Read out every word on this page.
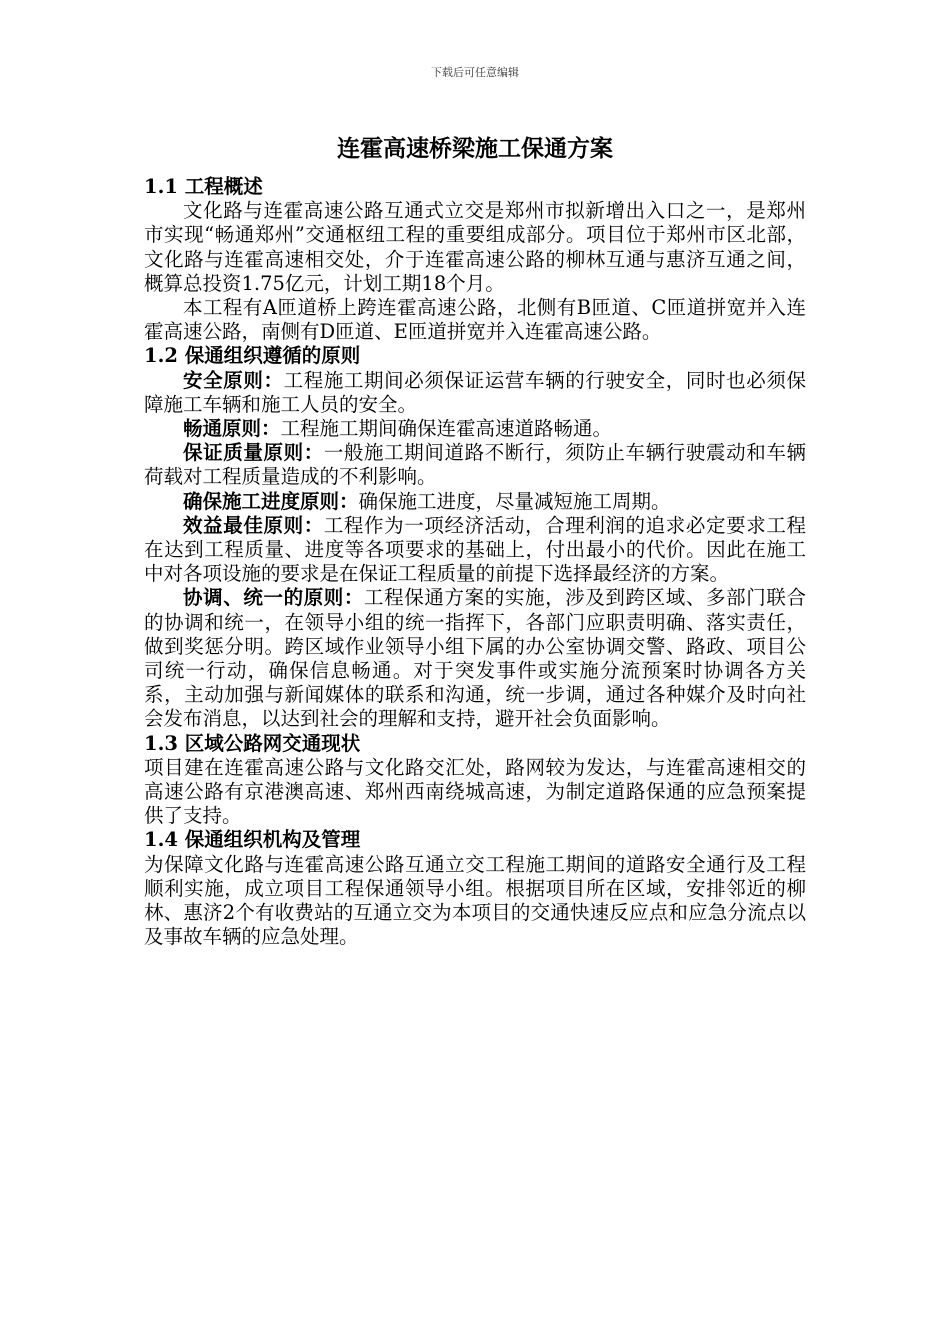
下载后可任意编辑
连霍高速桥梁施工保通方案
1.1 工程概述

文化路与连霍高速公路互通式立交是郑州市拟新增出入口之一，是郑州市实现“畅通郑州”交通枢纽工程的重要组成部分。项目位于郑州市区北部，文化路与连霍高速相交处，介于连霍高速公路的柳林互通与惠济互通之间，概算总投资1.75亿元，计划工期18个月。

本工程有A匝道桥上跨连霍高速公路，北侧有B匝道、C匝道拼宽并入连霍高速公路，南侧有D匝道、E匝道拼宽并入连霍高速公路。

1.2 保通组织遵循的原则

安全原则：工程施工期间必须保证运营车辆的行驶安全，同时也必须保障施工车辆和施工人员的安全。

畅通原则：工程施工期间确保连霍高速道路畅通。

保证质量原则：一般施工期间道路不断行，须防止车辆行驶震动和车辆荷载对工程质量造成的不利影响。

确保施工进度原则：确保施工进度，尽量减短施工周期。

效益最佳原则：工程作为一项经济活动，合理利润的追求必定要求工程在达到工程质量、进度等各项要求的基础上，付出最小的代价。因此在施工中对各项设施的要求是在保证工程质量的前提下选择最经济的方案。

协调、统一的原则：工程保通方案的实施，涉及到跨区域、多部门联合的协调和统一，在领导小组的统一指挥下，各部门应职责明确、落实责任，做到奖惩分明。跨区域作业领导小组下属的办公室协调交警、路政、项目公司统一行动，确保信息畅通。对于突发事件或实施分流预案时协调各方关系，主动加强与新闻媒体的联系和沟通，统一步调，通过各种媒介及时向社会发布消息，以达到社会的理解和支持，避开社会负面影响。

1.3 区域公路网交通现状

项目建在连霍高速公路与文化路交汇处，路网较为发达，与连霍高速相交的高速公路有京港澳高速、郑州西南绕城高速，为制定道路保通的应急预案提供了支持。

1.4 保通组织机构及管理

为保障文化路与连霍高速公路互通立交工程施工期间的道路安全通行及工程顺利实施，成立项目工程保通领导小组。根据项目所在区域，安排邻近的柳林、惠济2个有收费站的互通立交为本项目的交通快速反应点和应急分流点以及事故车辆的应急处理。
